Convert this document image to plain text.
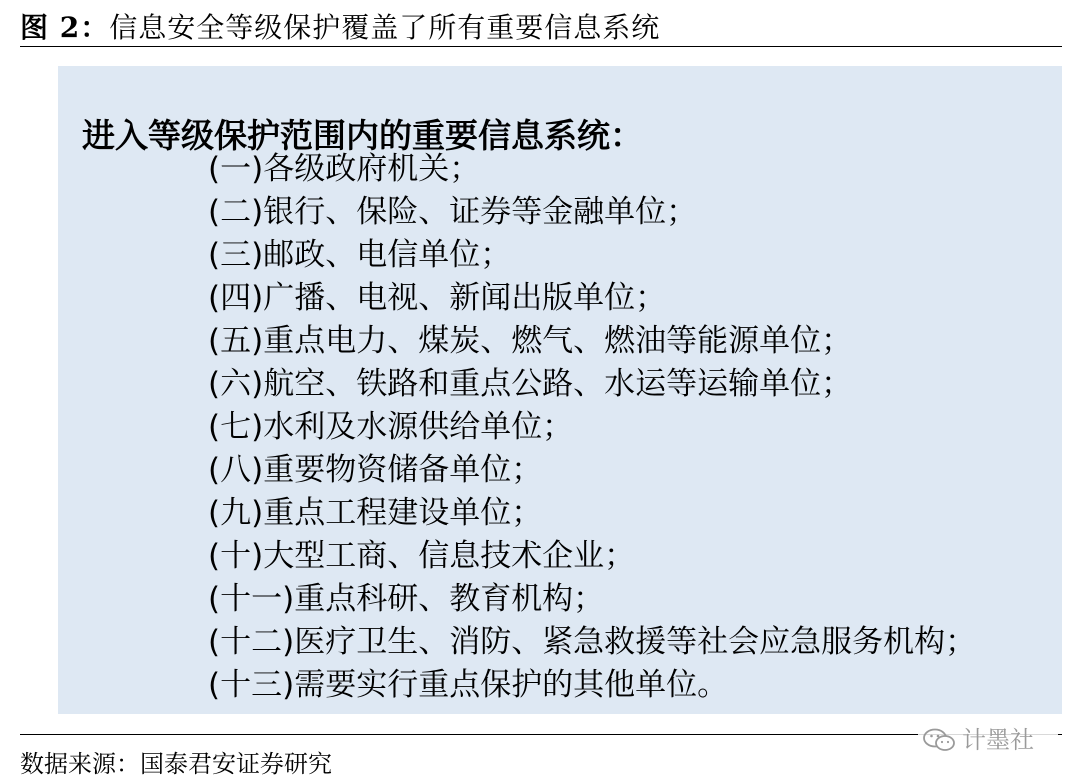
图 2：信息安全等级保护覆盖了所有重要信息系统
进入等级保护范围内的重要信息系统：
(一)各级政府机关；
(二)银行、保险、证券等金融单位；
(三)邮政、电信单位；
(四)广播、电视、新闻出版单位；
(五)重点电力、煤炭、燃气、燃油等能源单位；
(六)航空、铁路和重点公路、水运等运输单位；
(七)水利及水源供给单位；
(八)重要物资储备单位；
(九)重点工程建设单位；
(十)大型工商、信息技术企业；
(十一)重点科研、教育机构；
(十二)医疗卫生、消防、紧急救援等社会应急服务机构；
(十三)需要实行重点保护的其他单位。
数据来源：国泰君安证券研究
计墨社
